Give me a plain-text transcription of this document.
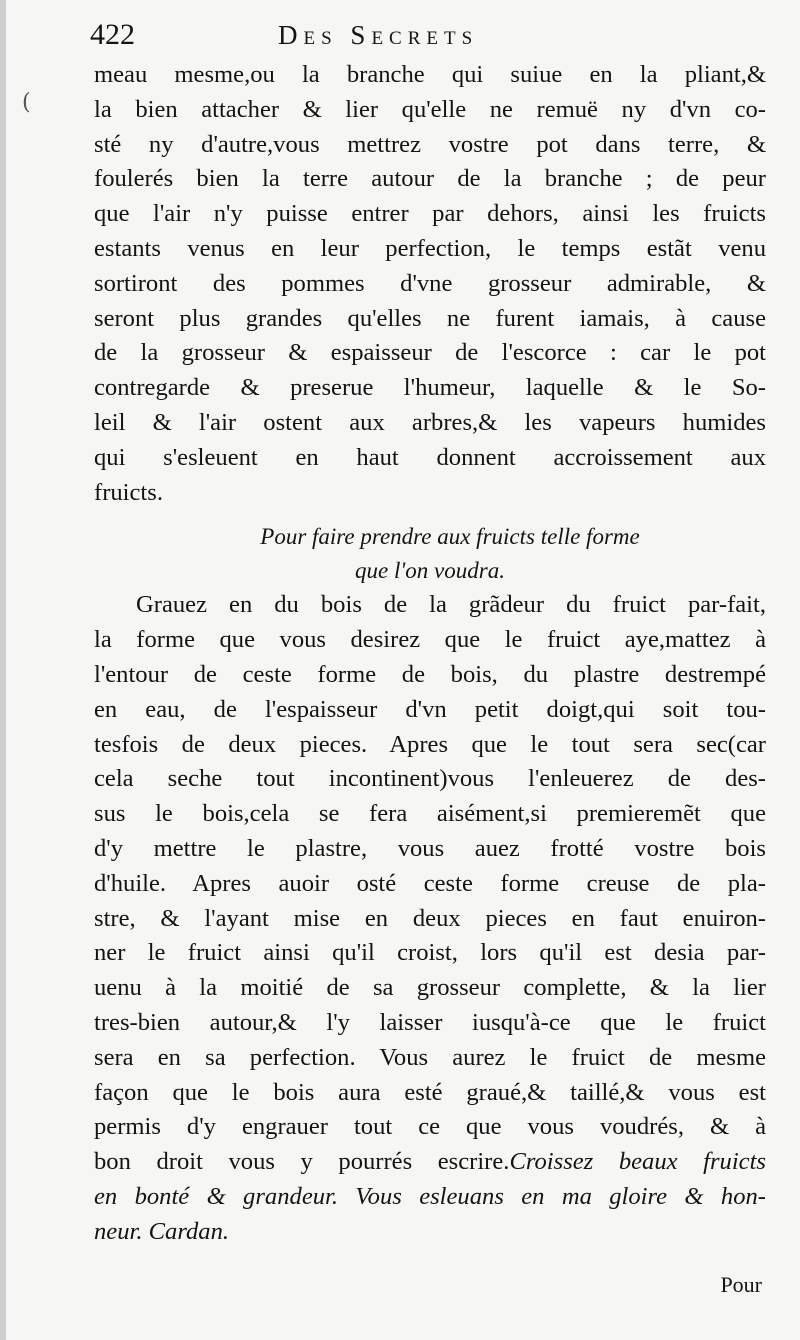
(
422	Des Secrets
meau mesme,ou la branche qui suiue en la pliant,&
la bien attacher & lier qu'elle ne remuë ny d'vn co-
sté ny d'autre,vous mettrez vostre pot dans terre, &
foulerés bien la terre autour de la branche ; de peur
que l'air n'y puisse entrer par dehors, ainsi les fruicts
estants venus en leur perfection, le temps estãt venu
sortiront des pommes d'vne grosseur admirable, &
seront plus grandes qu'elles ne furent iamais, à cause
de la grosseur & espaisseur de l'escorce : car le pot
contregarde & preserue l'humeur, laquelle & le So-
leil & l'air ostent aux arbres,& les vapeurs humides
qui s'esleuent en haut donnent accroissement aux
fruicts.
Pour faire prendre aux fruicts telle forme
que l'on voudra.
Grauez en du bois de la grãdeur du fruict par-fait,
la forme que vous desirez que le fruict aye,mattez à
l'entour de ceste forme de bois, du plastre destrempé
en eau, de l'espaisseur d'vn petit doigt,qui soit tou-
tesfois de deux pieces. Apres que le tout sera sec(car
cela seche tout incontinent)vous l'enleuerez de des-
sus le bois,cela se fera aisément,si premieremẽt que
d'y mettre le plastre, vous auez frotté vostre bois
d'huile. Apres auoir osté ceste forme creuse de pla-
stre, & l'ayant mise en deux pieces en faut enuiron-
ner le fruict ainsi qu'il croist, lors qu'il est desia par-
uenu à la moitié de sa grosseur complette, & la lier
tres-bien autour,& l'y laisser iusqu'à-ce que le fruict
sera en sa perfection. Vous aurez le fruict de mesme
façon que le bois aura esté graué,& taillé,& vous est
permis d'y engrauer tout ce que vous voudrés, & à
bon droit vous y pourrés escrire.Croissez beaux fruicts
en bonté & grandeur. Vous esleuans en ma gloire & hon-
neur. Cardan.
Pour
